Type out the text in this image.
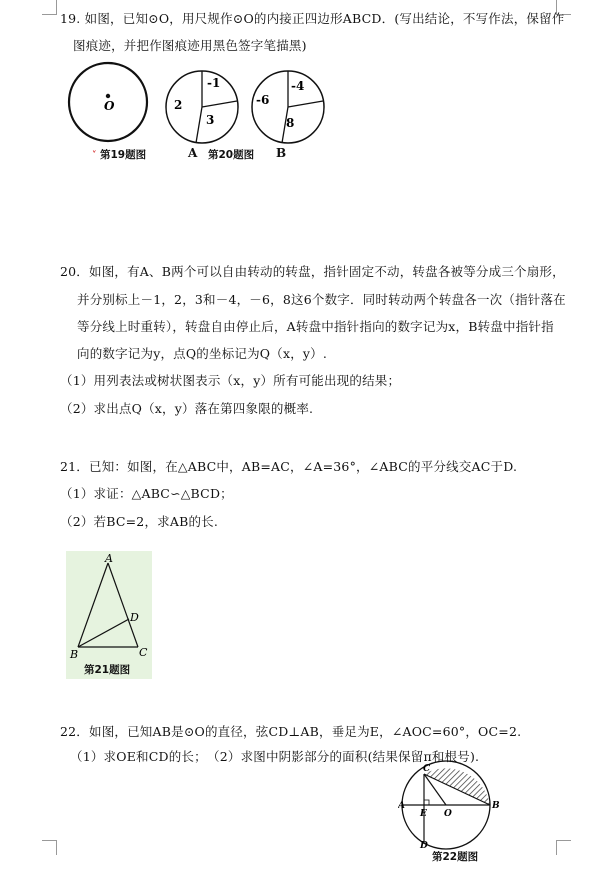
19. 如图，已知⊙O，用尺规作⊙O的内接正四边形ABCD．(写出结论，不写作法，保留作
图痕迹，并把作图痕迹用黑色签字笔描黑)
O
˅ 第19题图
-1
2
3
-6
-4
8
A 第20题图 B
20．如图，有A、B两个可以自由转动的转盘，指针固定不动，转盘各被等分成三个扇形，
并分别标上－1，2，3和－4，－6，8这6个数字．同时转动两个转盘各一次（指针落在
等分线上时重转），转盘自由停止后，A转盘中指针指向的数字记为x，B转盘中指针指
向的数字记为y，点Q的坐标记为Q（x，y）.
（1）用列表法或树状图表示（x，y）所有可能出现的结果；
（2）求出点Q（x，y）落在第四象限的概率.
21．已知：如图，在△ABC中，AB=AC，∠A=36°，∠ABC的平分线交AC于D.
（1）求证：△ABC∽△BCD；
（2）若BC=2，求AB的长.
A
D
B	C
第21题图
22．如图，已知AB是⊙O的直径，弦CD⊥AB，垂足为E，∠AOC=60°，OC=2.
（1）求OE和CD的长；　（2）求图中阴影部分的面积(结果保留π和根号).
C
A
E O
B
D
第22题图
